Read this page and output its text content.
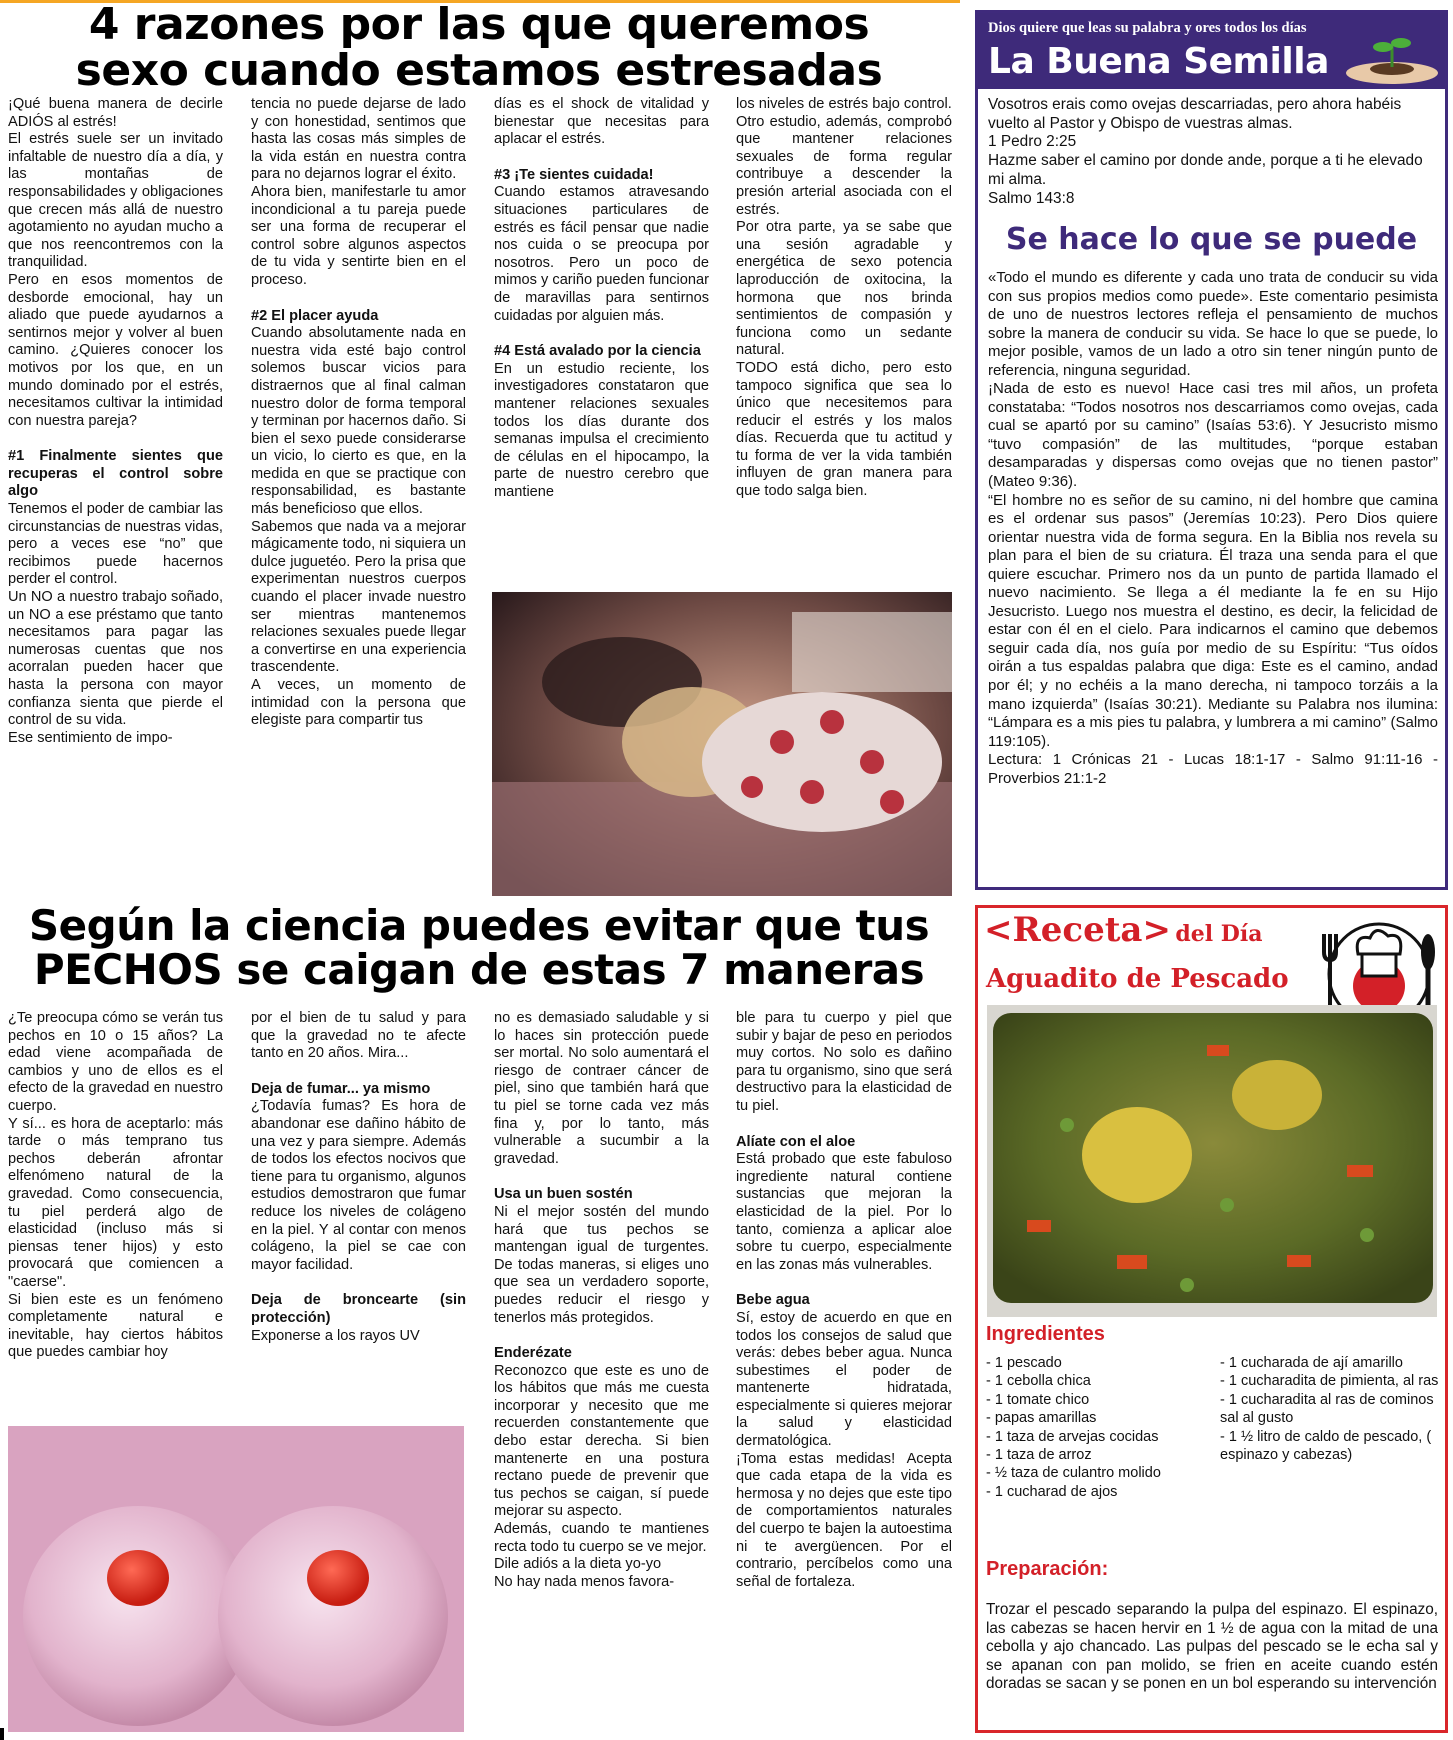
4 razones por las que queremos
sexo cuando estamos estresadas

¡Qué buena manera de decirle ADIÓS al estrés!

El estrés suele ser un invitado infaltable de nuestro día a día, y las montañas de responsabilidades y obligaciones que crecen más allá de nuestro agotamiento no ayudan mucho a que nos reencontremos con la tranquilidad.

Pero en esos momentos de desborde emocional, hay un aliado que puede ayudarnos a sentirnos mejor y volver al buen camino. ¿Quieres conocer los motivos por los que, en un mundo dominado por el estrés, necesitamos cultivar la intimidad con nuestra pareja?

#1 Finalmente sientes que recuperas el control sobre algo

Tenemos el poder de cambiar las circunstancias de nuestras vidas, pero a veces ese “no” que recibimos puede hacernos perder el control.

Un NO a nuestro trabajo soñado, un NO a ese préstamo que tanto necesitamos para pagar las numerosas cuentas que nos acorralan pueden hacer que hasta la persona con mayor confianza sienta que pierde el control de su vida.

Ese sentimiento de impo-

tencia no puede dejarse de lado y con honestidad, sentimos que hasta las cosas más simples de la vida están en nuestra contra para no dejarnos lograr el éxito.

Ahora bien, manifestarle tu amor incondicional a tu pareja puede ser una forma de recuperar el control sobre algunos aspectos de tu vida y sentirte bien en el proceso.

#2 El placer ayuda

Cuando absolutamente nada en nuestra vida esté bajo control solemos buscar vicios para distraernos que al final calman nuestro dolor de forma temporal y terminan por hacernos daño. Si bien el sexo puede considerarse un vicio, lo cierto es que, en la medida en que se practique con responsabilidad, es bastante más beneficioso que ellos.

Sabemos que nada va a mejorar mágicamente todo, ni siquiera un dulce juguetéo. Pero la prisa que experimentan nuestros cuerpos cuando el placer invade nuestro ser mientras mantenemos relaciones sexuales puede llegar a convertirse en una experiencia trascendente.

A veces, un momento de intimidad con la persona que elegiste para compartir tus

días es el shock de vitalidad y bienestar que necesitas para aplacar el estrés.

#3 ¡Te sientes cuidada!

Cuando estamos atravesando situaciones particulares de estrés es fácil pensar que nadie nos cuida o se preocupa por nosotros. Pero un poco de mimos y cariño pueden funcionar de maravillas para sentirnos cuidadas por alguien más.

#4 Está avalado por la ciencia

En un estudio reciente, los investigadores constataron que mantener relaciones sexuales todos los días durante dos semanas impulsa el crecimiento de células en el hipocampo, la parte de nuestro cerebro que mantiene

los niveles de estrés bajo control.

Otro estudio, además, comprobó que mantener relaciones sexuales de forma regular contribuye a descender la presión arterial asociada con el estrés.

Por otra parte, ya se sabe que una sesión agradable y energética de sexo potencia laproducción de oxitocina, la hormona que nos brinda sentimientos de compasión y funciona como un sedante natural.

TODO está dicho, pero esto tampoco significa que sea lo único que necesitemos para reducir el estrés y los malos días. Recuerda que tu actitud y tu forma de ver la vida también influyen de gran manera para que todo salga bien.

Según la ciencia puedes evitar que tus
PECHOS se caigan de estas 7 maneras

¿Te preocupa cómo se verán tus pechos en 10 o 15 años? La edad viene acompañada de cambios y uno de ellos es el efecto de la gravedad en nuestro cuerpo.

Y sí... es hora de aceptarlo: más tarde o más temprano tus pechos deberán afrontar elfenómeno natural de la gravedad. Como consecuencia, tu piel perderá algo de elasticidad (incluso más si piensas tener hijos) y esto provocará que comiencen a "caerse".

Si bien este es un fenómeno completamente natural e inevitable, hay ciertos hábitos que puedes cambiar hoy

por el bien de tu salud y para que la gravedad no te afecte tanto en 20 años. Mira...

Deja de fumar... ya mismo

¿Todavía fumas? Es hora de abandonar ese dañino hábito de una vez y para siempre. Además de todos los efectos nocivos que tiene para tu organismo, algunos estudios demostraron que fumar reduce los niveles de colágeno en la piel. Y al contar con menos colágeno, la piel se cae con mayor facilidad.

Deja de broncearte (sin protección)

Exponerse a los rayos UV

no es demasiado saludable y si lo haces sin protección puede ser mortal. No solo aumentará el riesgo de contraer cáncer de piel, sino que también hará que tu piel se torne cada vez más fina y, por lo tanto, más vulnerable a sucumbir a la gravedad.

Usa un buen sostén

Ni el mejor sostén del mundo hará que tus pechos se mantengan igual de turgentes. De todas maneras, si eliges uno que sea un verdadero soporte, puedes reducir el riesgo y tenerlos más protegidos.

Enderézate

Reconozco que este es uno de los hábitos que más me cuesta incorporar y necesito que me recuerden constantemente que debo estar derecha. Si bien mantenerte en una postura rectano puede de prevenir que tus pechos se caigan, sí puede mejorar su aspecto.

Además, cuando te mantienes recta todo tu cuerpo se ve mejor.

Dile adiós a la dieta yo-yo

No hay nada menos favora-

ble para tu cuerpo y piel que subir y bajar de peso en periodos muy cortos. No solo es dañino para tu organismo, sino que será destructivo para la elasticidad de tu piel.

Alíate con el aloe

Está probado que este fabuloso ingrediente natural contiene sustancias que mejoran la elasticidad de la piel. Por lo tanto, comienza a aplicar aloe sobre tu cuerpo, especialmente en las zonas más vulnerables.

Bebe agua

Sí, estoy de acuerdo en que en todos los consejos de salud que verás: debes beber agua. Nunca subestimes el poder de mantenerte hidratada, especialmente si quieres mejorar la salud y elasticidad dermatológica.

¡Toma estas medidas! Acepta que cada etapa de la vida es hermosa y no dejes que este tipo de comportamientos naturales del cuerpo te bajen la autoestima ni te avergüencen. Por el contrario, percíbelos como una señal de fortaleza.

Dios quiere que leas su palabra y ores todos los días
La Buena Semilla

Vosotros erais como ovejas descarriadas, pero ahora habéis vuelto al Pastor y Obispo de vuestras almas.

1 Pedro 2:25

Hazme saber el camino por donde ande, porque a ti he elevado mi alma.

Salmo 143:8

Se hace lo que se puede

«Todo el mundo es diferente y cada uno trata de conducir su vida con sus propios medios como puede». Este comentario pesimista de uno de nuestros lectores refleja el pensamiento de muchos sobre la manera de conducir su vida. Se hace lo que se puede, lo mejor posible, vamos de un lado a otro sin tener ningún punto de referencia, ninguna seguridad.

¡Nada de esto es nuevo! Hace casi tres mil años, un profeta constataba: “Todos nosotros nos descarriamos como ovejas, cada cual se apartó por su camino” (Isaías 53:6). Y Jesucristo mismo “tuvo compasión” de las multitudes, “porque estaban desamparadas y dispersas como ovejas que no tienen pastor” (Mateo 9:36).

“El hombre no es señor de su camino, ni del hombre que camina es el ordenar sus pasos” (Jeremías 10:23). Pero Dios quiere orientar nuestra vida de forma segura. En la Biblia nos revela su plan para el bien de su criatura. Él traza una senda para el que quiere escuchar. Primero nos da un punto de partida llamado el nuevo nacimiento. Se llega a él mediante la fe en su Hijo Jesucristo. Luego nos muestra el destino, es decir, la felicidad de estar con él en el cielo. Para indicarnos el camino que debemos seguir cada día, nos guía por medio de su Espíritu: “Tus oídos oirán a tus espaldas palabra que diga: Este es el camino, andad por él; y no echéis a la mano derecha, ni tampoco torzáis a la mano izquierda” (Isaías 30:21). Mediante su Palabra nos ilumina: “Lámpara es a mis pies tu palabra, y lumbrera a mi camino” (Salmo 119:105).

Lectura: 1 Crónicas 21 - Lucas 18:1-17 - Salmo 91:11-16 - Proverbios 21:1-2

<Receta> del Día
Aguadito de Pescado
Ingredientes

- 1 pescado

- 1 cebolla chica

- 1 tomate chico

- papas amarillas

- 1 taza de arvejas cocidas

- 1 taza de arroz

- ½ taza de culantro molido

- 1 cucharad de ajos

- 1 cucharada de ají amarillo

- 1 cucharadita de pimienta, al ras

- 1 cucharadita al ras de cominos sal al gusto

- 1 ½ litro de caldo de pescado, ( espinazo y cabezas)

Preparación:
Trozar el pescado separando la pulpa del espinazo. El espinazo, las cabezas se hacen hervir en 1 ½ de agua con la mitad de una cebolla y ajo chancado. Las pulpas del pescado se le echa sal y se apanan con pan molido, se frien en aceite cuando estén doradas se sacan y se ponen en un bol esperando su intervención
